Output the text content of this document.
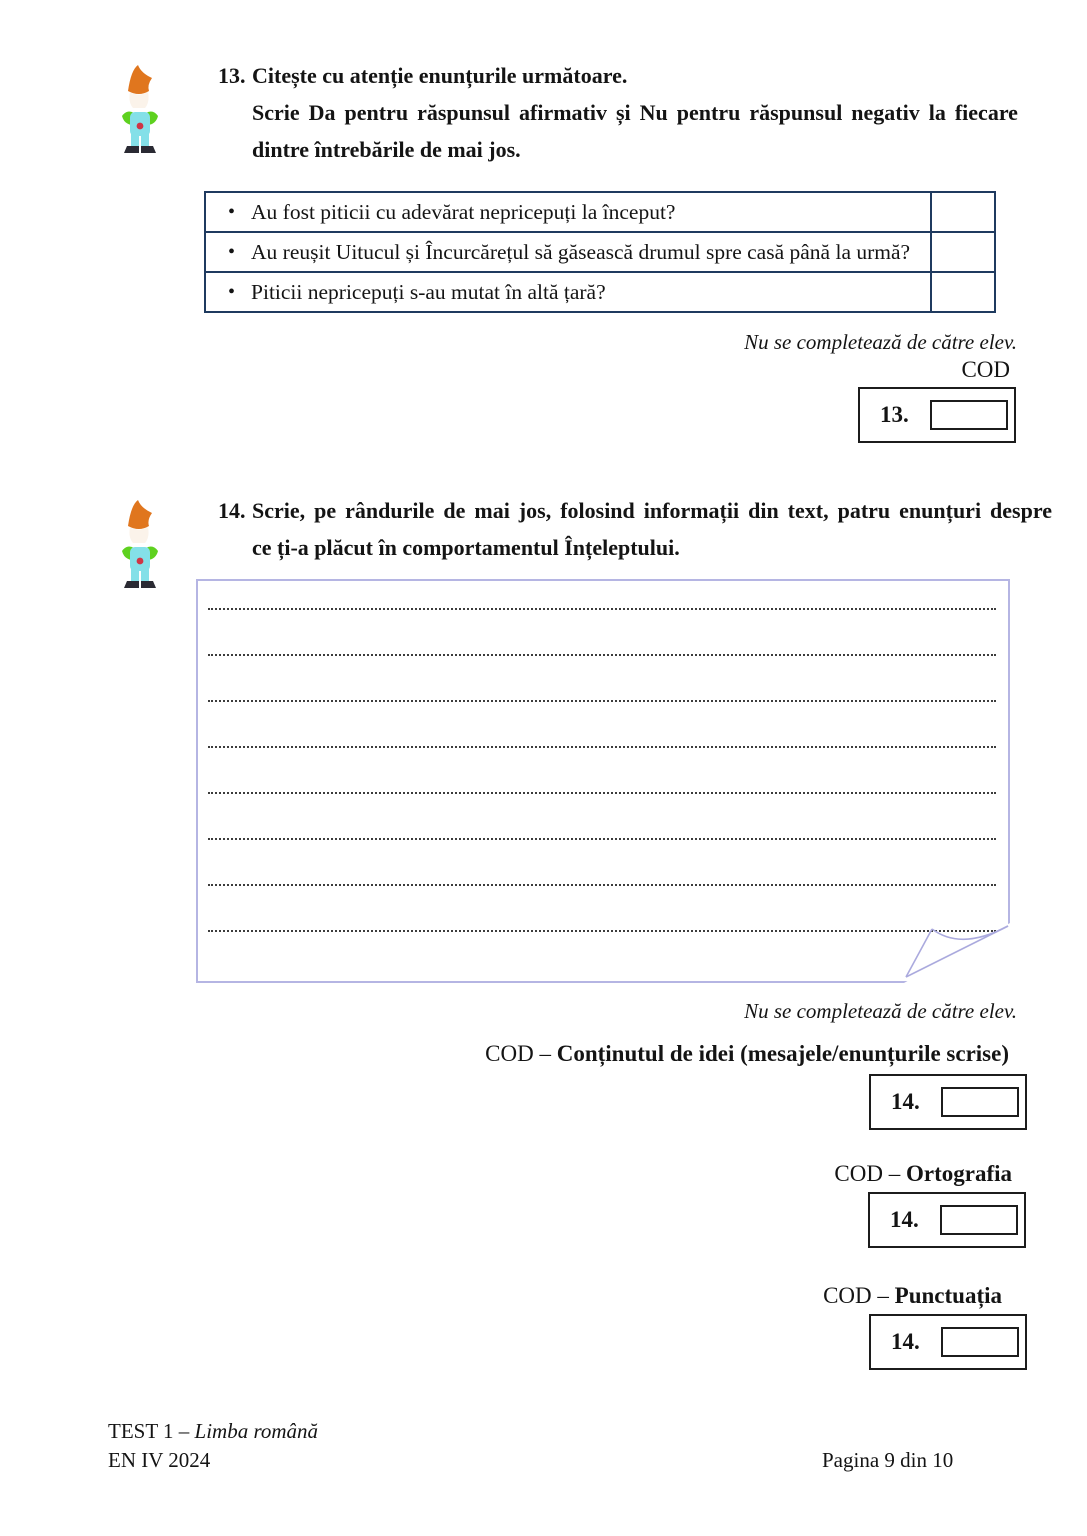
13. Citește cu atenție enunțurile următoare.
Scrie Da pentru răspunsul afirmativ și Nu pentru răspunsul negativ la fiecare
dintre întrebările de mai jos.
• Au fost piticii cu adevărat nepricepuți la început?
• Au reușit Uitucul și Încurcărețul să găsească drumul spre casă până la urmă?
• Piticii nepricepuți s-au mutat în altă țară?
Nu se completează de către elev.
COD
13.
14. Scrie, pe rândurile de mai jos, folosind informații din text, patru enunțuri despre
ce ți-a plăcut în comportamentul Înțeleptului.
Nu se completează de către elev.
COD – Conținutul de idei (mesajele/enunțurile scrise)
14.
COD – Ortografia
14.
COD – Punctuația
14.
TEST 1 – Limba română
EN IV 2024	Pagina 9 din 10
